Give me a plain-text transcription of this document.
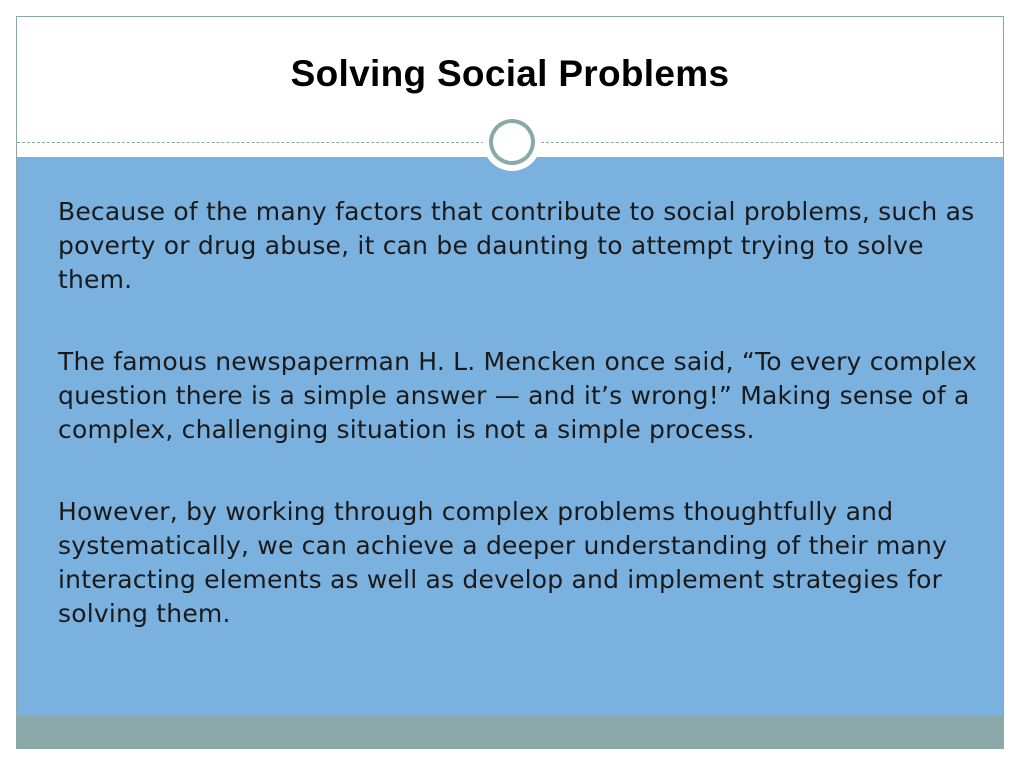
Solving Social Problems

Because of the many factors that contribute to social problems, such as poverty or drug abuse, it can be daunting to attempt trying to solve them.

The famous newspaperman H. L. Mencken once said, “To every complex question there is a simple answer — and it’s wrong!” Making sense of a complex, challenging situation is not a simple process.

However, by working through complex problems thoughtfully and systematically, we can achieve a deeper understanding of their many interacting elements as well as develop and implement strategies for solving them.
